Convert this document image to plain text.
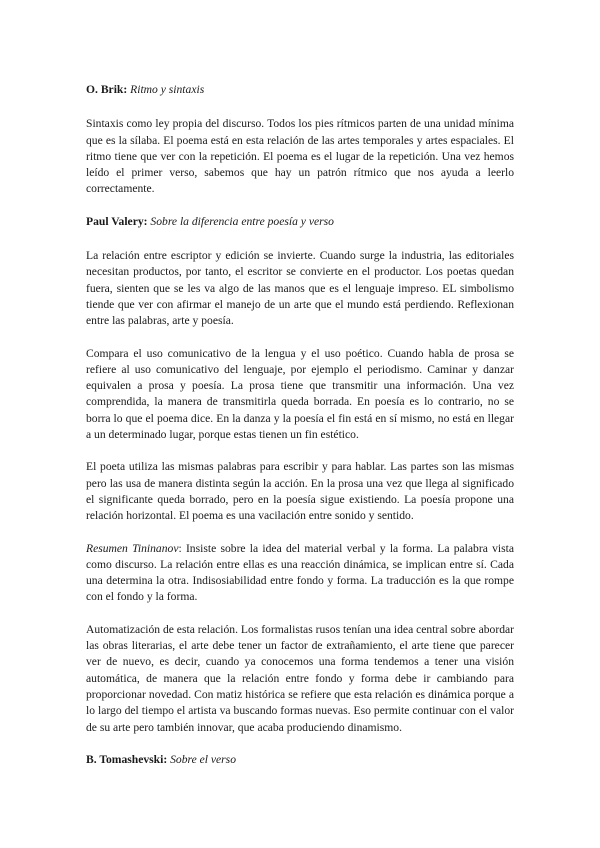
O. Brik: Ritmo y sintaxis

Sintaxis como ley propia del discurso. Todos los pies rítmicos parten de una unidad mínima que es la sílaba. El poema está en esta relación de las artes temporales y artes espaciales. El ritmo tiene que ver con la repetición. El poema es el lugar de la repetición. Una vez hemos leído el primer verso, sabemos que hay un patrón rítmico que nos ayuda a leerlo correctamente.

Paul Valery: Sobre la diferencia entre poesía y verso

La relación entre escriptor y edición se invierte. Cuando surge la industria, las editoriales necesitan productos, por tanto, el escritor se convierte en el productor. Los poetas quedan fuera, sienten que se les va algo de las manos que es el lenguaje impreso. EL simbolismo tiende que ver con afirmar el manejo de un arte que el mundo está perdiendo. Reflexionan entre las palabras, arte y poesía.

Compara el uso comunicativo de la lengua y el uso poético. Cuando habla de prosa se refiere al uso comunicativo del lenguaje, por ejemplo el periodismo. Caminar y danzar equivalen a prosa y poesía. La prosa tiene que transmitir una información. Una vez comprendida, la manera de transmitirla queda borrada. En poesía es lo contrario, no se borra lo que el poema dice. En la danza y la poesía el fin está en sí mismo, no está en llegar a un determinado lugar, porque estas tienen un fin estético.

El poeta utiliza las mismas palabras para escribir y para hablar. Las partes son las mismas pero las usa de manera distinta según la acción. En la prosa una vez que llega al significado el significante queda borrado, pero en la poesía sigue existiendo. La poesía propone una relación horizontal. El poema es una vacilación entre sonido y sentido.

Resumen Tininanov: Insiste sobre la idea del material verbal y la forma. La palabra vista como discurso. La relación entre ellas es una reacción dinámica, se implican entre sí. Cada una determina la otra. Indisosiabilidad entre fondo y forma. La traducción es la que rompe con el fondo y la forma.

Automatización de esta relación. Los formalistas rusos tenían una idea central sobre abordar las obras literarias, el arte debe tener un factor de extrañamiento, el arte tiene que parecer ver de nuevo, es decir, cuando ya conocemos una forma tendemos a tener una visión automática, de manera que la relación entre fondo y forma debe ir cambiando para proporcionar novedad. Con matiz histórica se refiere que esta relación es dinámica porque a lo largo del tiempo el artista va buscando formas nuevas. Eso permite continuar con el valor de su arte pero también innovar, que acaba produciendo dinamismo.

B. Tomashevski: Sobre el verso
